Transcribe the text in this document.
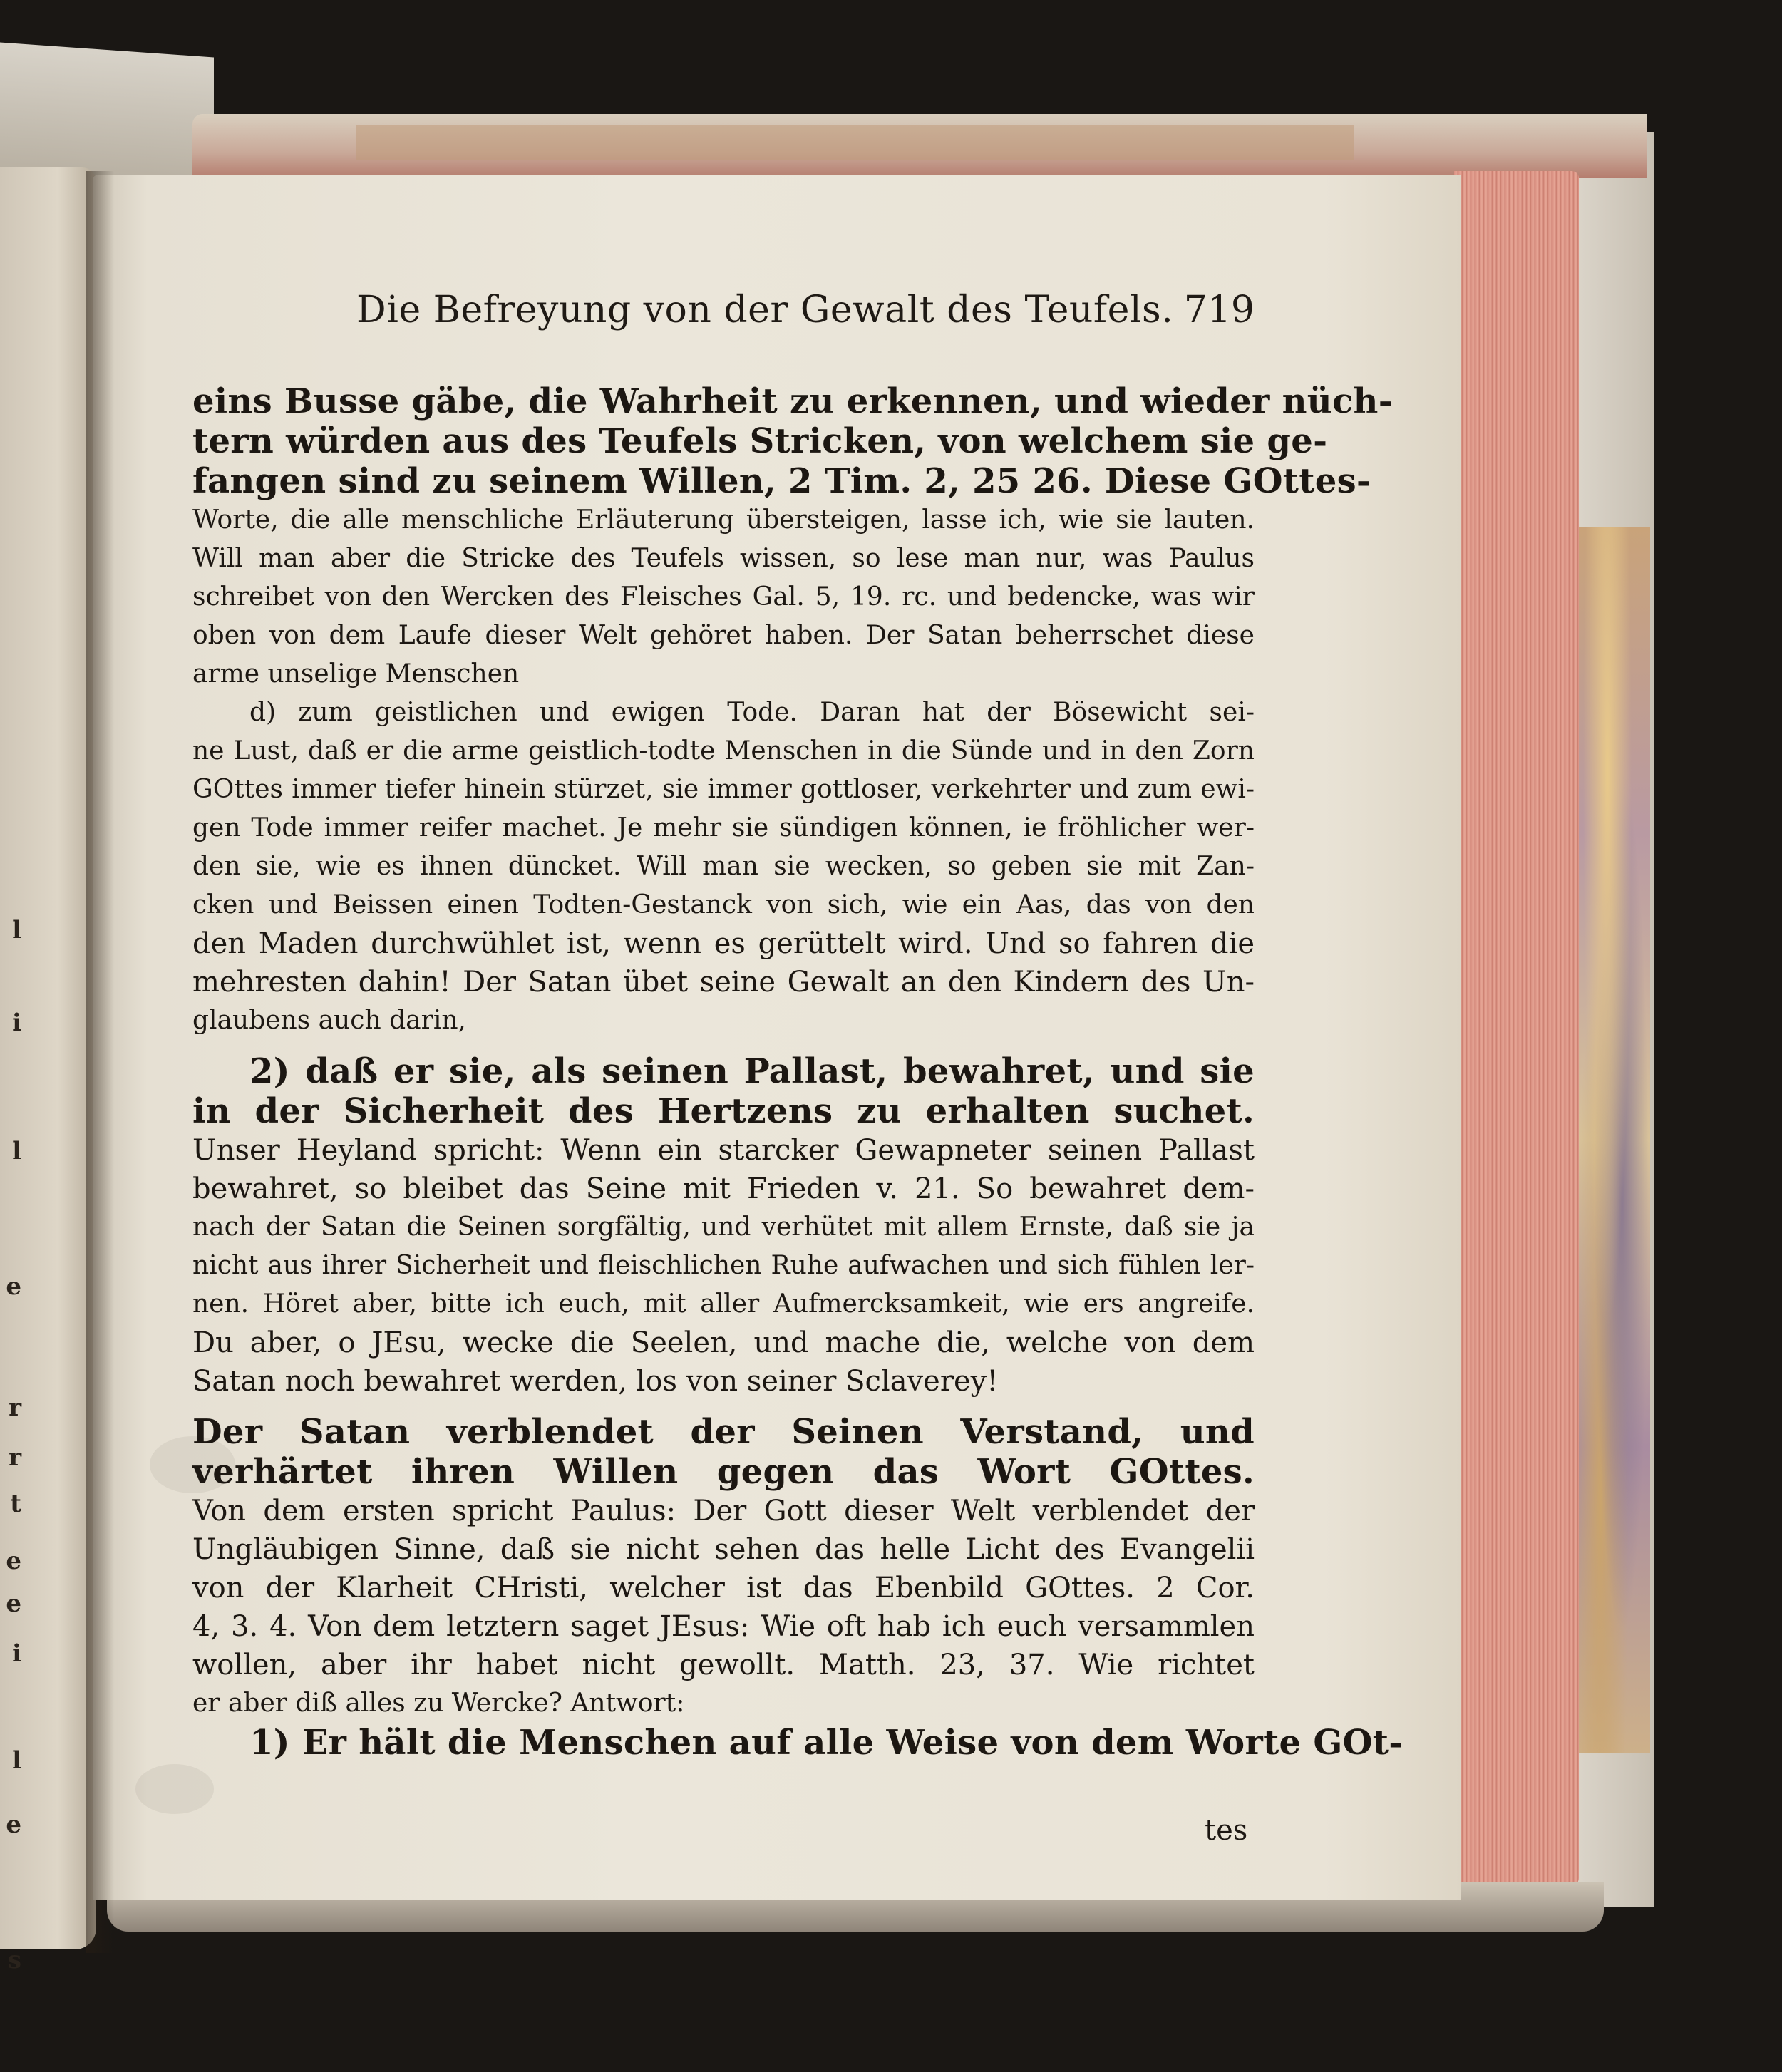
l
i
l
e
r
r
t
e
e
i
l
e
s
Die Befreyung von der Gewalt des Teufels. 719
eins Busse gäbe, die Wahrheit zu erkennen, und wieder nüch-
tern würden aus des Teufels Stricken, von welchem sie ge-
fangen sind zu seinem Willen, 2 Tim. 2, 25 26. Diese GOttes-
Worte, die alle menschliche Erläuterung übersteigen, lasse ich, wie sie lauten.
Will man aber die Stricke des Teufels wissen, so lese man nur, was Paulus
schreibet von den Wercken des Fleisches Gal. 5, 19. rc. und bedencke, was wir
oben von dem Laufe dieser Welt gehöret haben. Der Satan beherrschet diese
arme unselige Menschen
d) zum geistlichen und ewigen Tode. Daran hat der Bösewicht sei-
ne Lust, daß er die arme geistlich-todte Menschen in die Sünde und in den Zorn
GOttes immer tiefer hinein stürzet, sie immer gottloser, verkehrter und zum ewi-
gen Tode immer reifer machet. Je mehr sie sündigen können, ie fröhlicher wer-
den sie, wie es ihnen düncket. Will man sie wecken, so geben sie mit Zan-
cken und Beissen einen Todten-Gestanck von sich, wie ein Aas, das von den
den Maden durchwühlet ist, wenn es gerüttelt wird. Und so fahren die
mehresten dahin! Der Satan übet seine Gewalt an den Kindern des Un-
glaubens auch darin,
2) daß er sie, als seinen Pallast, bewahret, und sie
in der Sicherheit des Hertzens zu erhalten suchet.
Unser Heyland spricht: Wenn ein starcker Gewapneter seinen Pallast
bewahret, so bleibet das Seine mit Frieden v. 21. So bewahret dem-
nach der Satan die Seinen sorgfältig, und verhütet mit allem Ernste, daß sie ja
nicht aus ihrer Sicherheit und fleischlichen Ruhe aufwachen und sich fühlen ler-
nen. Höret aber, bitte ich euch, mit aller Aufmercksamkeit, wie ers angreife.
Du aber, o JEsu, wecke die Seelen, und mache die, welche von dem
Satan noch bewahret werden, los von seiner Sclaverey!
Der Satan verblendet der Seinen Verstand, und
verhärtet ihren Willen gegen das Wort GOttes.
Von dem ersten spricht Paulus: Der Gott dieser Welt verblendet der
Ungläubigen Sinne, daß sie nicht sehen das helle Licht des Evangelii
von der Klarheit CHristi, welcher ist das Ebenbild GOttes. 2 Cor.
4, 3. 4. Von dem letztern saget JEsus: Wie oft hab ich euch versammlen
wollen, aber ihr habet nicht gewollt. Matth. 23, 37. Wie richtet
er aber diß alles zu Wercke? Antwort:
1) Er hält die Menschen auf alle Weise von dem Worte GOt-
tes
